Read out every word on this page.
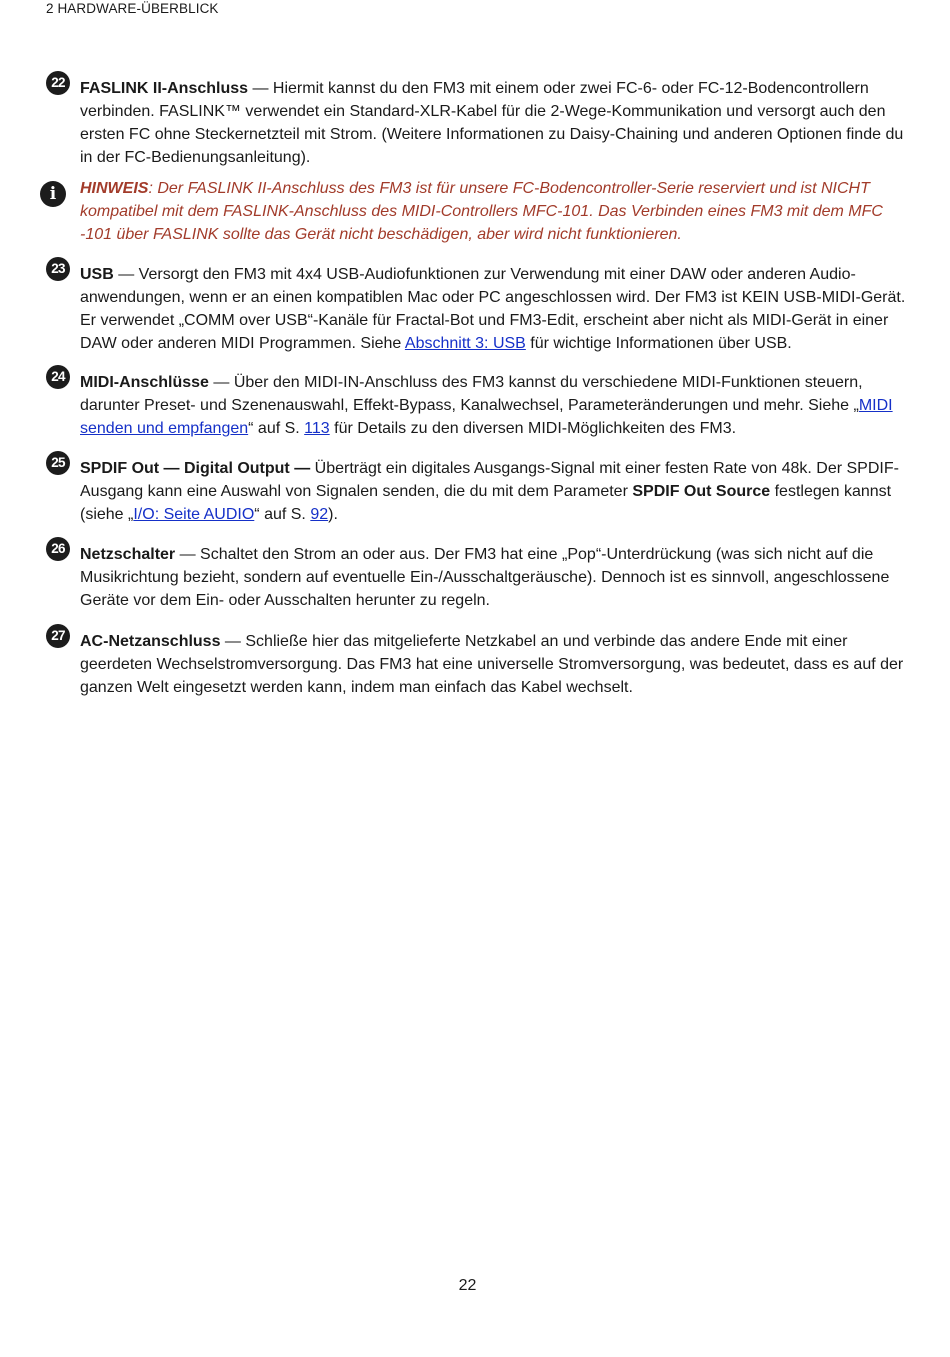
2 HARDWARE-ÜBERBLICK
22 FASLINK II-Anschluss — Hiermit kannst du den FM3 mit einem oder zwei FC-6- oder FC-12-Bodencontrollern verbinden. FASLINK™ verwendet ein Standard-XLR-Kabel für die 2-Wege-Kommunikation und versorgt auch den ersten FC ohne Steckernetzteil mit Strom. (Weitere Informationen zu Daisy-Chaining und anderen Optionen finde du in der FC-Bedienungsanleitung).
i	HINWEIS: Der FASLINK II-Anschluss des FM3 ist für unsere FC-Bodencontroller-Serie reserviert und ist NICHT kompatibel mit dem FASLINK-Anschluss des MIDI-Controllers MFC-101. Das Verbinden eines FM3 mit dem MFC -101 über FASLINK sollte das Gerät nicht beschädigen, aber wird nicht funktionieren.
23 USB — Versorgt den FM3 mit 4x4 USB-Audiofunktionen zur Verwendung mit einer DAW oder anderen Audio-anwendungen, wenn er an einen kompatiblen Mac oder PC angeschlossen wird. Der FM3 ist KEIN USB-MIDI-Gerät. Er verwendet „COMM over USB“-Kanäle für Fractal-Bot und FM3-Edit, erscheint aber nicht als MIDI-Gerät in einer DAW oder anderen MIDI Programmen. Siehe Abschnitt 3: USB für wichtige Informationen über USB.
24 MIDI-Anschlüsse — Über den MIDI-IN-Anschluss des FM3 kannst du verschiedene MIDI-Funktionen steuern, darunter Preset- und Szenenauswahl, Effekt-Bypass, Kanalwechsel, Parameteränderungen und mehr. Siehe „MIDI senden und empfangen“ auf S. 113 für Details zu den diversen MIDI-Möglichkeiten des FM3.
25 SPDIF Out — Digital Output — Überträgt ein digitales Ausgangs-Signal mit einer festen Rate von 48k. Der SPDIF-Ausgang kann eine Auswahl von Signalen senden, die du mit dem Parameter SPDIF Out Source festlegen kannst (siehe „I/O: Seite AUDIO“ auf S. 92).
26 Netzschalter — Schaltet den Strom an oder aus. Der FM3 hat eine „Pop“-Unterdrückung (was sich nicht auf die Musikrichtung bezieht, sondern auf eventuelle Ein-/Ausschaltgeräusche). Dennoch ist es sinnvoll, angeschlossene Geräte vor dem Ein- oder Ausschalten herunter zu regeln.
27 AC-Netzanschluss — Schließe hier das mitgelieferte Netzkabel an und verbinde das andere Ende mit einer geerdeten Wechselstromversorgung. Das FM3 hat eine universelle Stromversorgung, was bedeutet, dass es auf der ganzen Welt eingesetzt werden kann, indem man einfach das Kabel wechselt.
22
